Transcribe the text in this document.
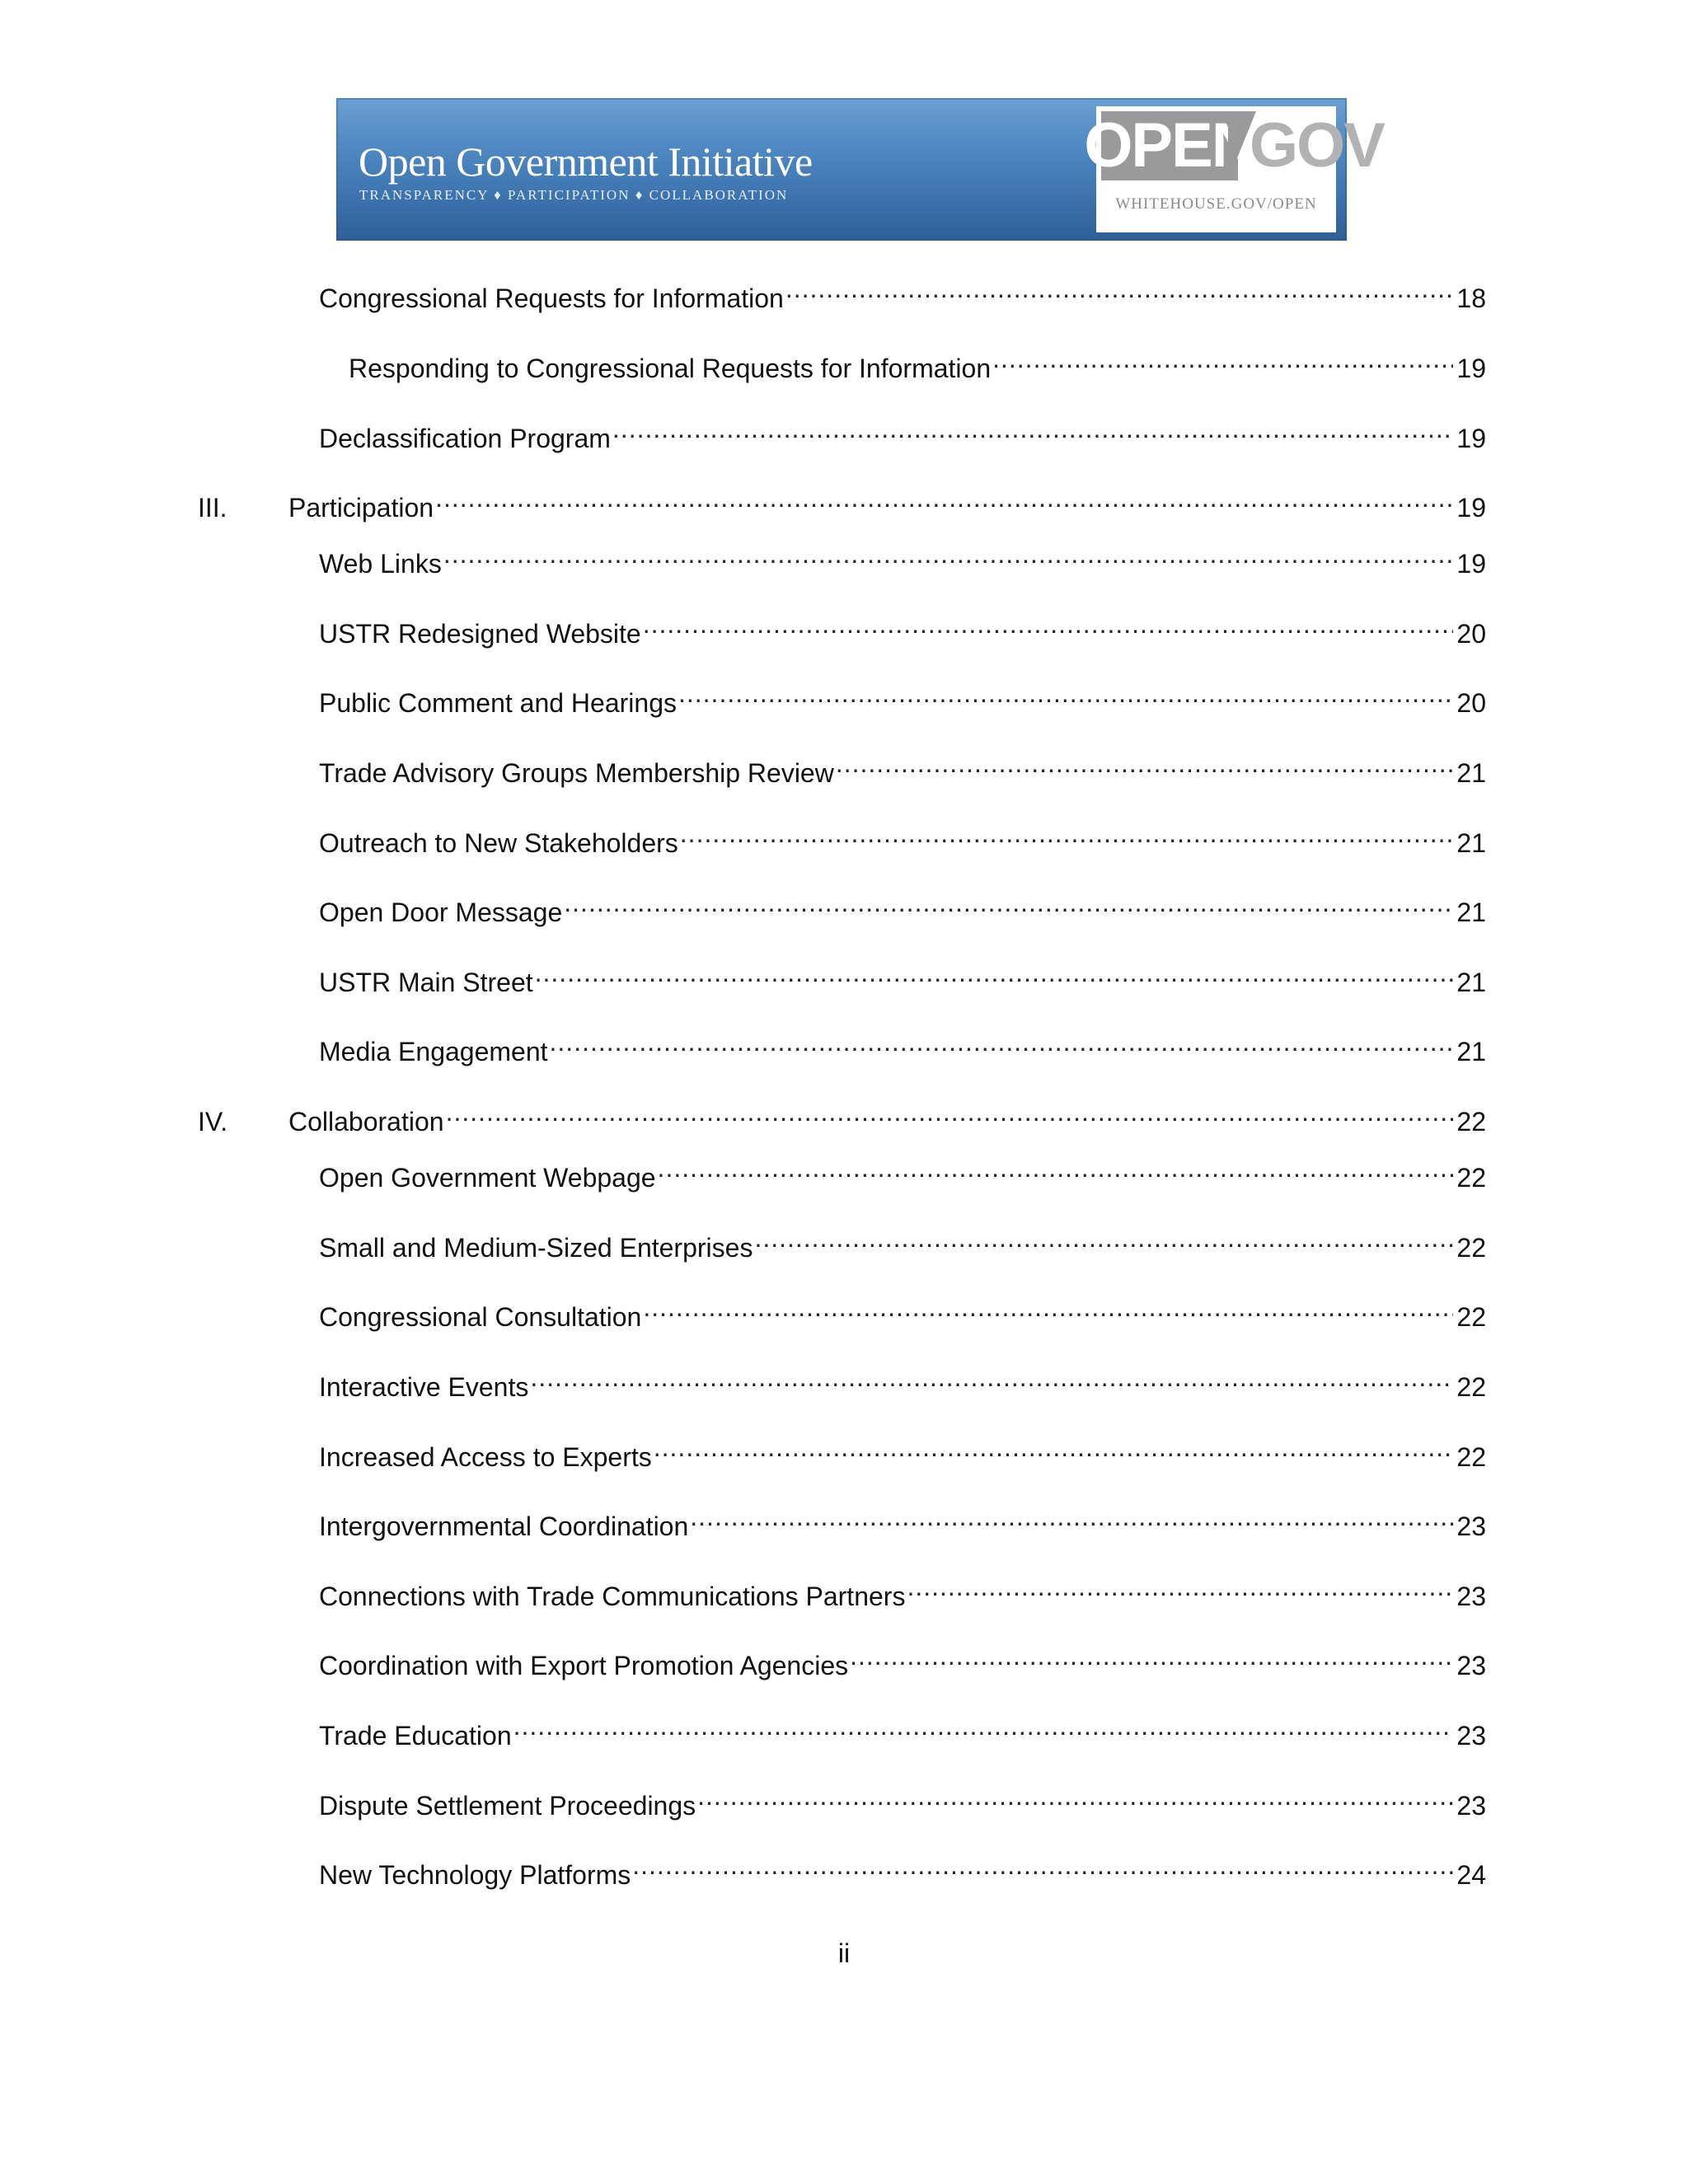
Open Government Initiative
TRANSPARENCY ♦ PARTICIPATION ♦ COLLABORATION
OPEN
GOV
WHITEHOUSE.GOV/OPEN
Congressional Requests for Information .....	18
Responding to Congressional Requests for Information .....	19
Declassification Program .....	19
III.	Participation .....	19
Web Links .....	19
USTR Redesigned Website .....	20
Public Comment and Hearings .....	20
Trade Advisory Groups Membership Review .....	21
Outreach to New Stakeholders .....	21
Open Door Message .....	21
USTR Main Street .....	21
Media Engagement .....	21
IV.	Collaboration .....	22
Open Government Webpage .....	22
Small and Medium-Sized Enterprises .....	22
Congressional Consultation .....	22
Interactive Events .....	22
Increased Access to Experts .....	22
Intergovernmental Coordination .....	23
Connections with Trade Communications Partners .....	23
Coordination with Export Promotion Agencies .....	23
Trade Education .....	23
Dispute Settlement Proceedings .....	23
New Technology Platforms .....	24
ii
